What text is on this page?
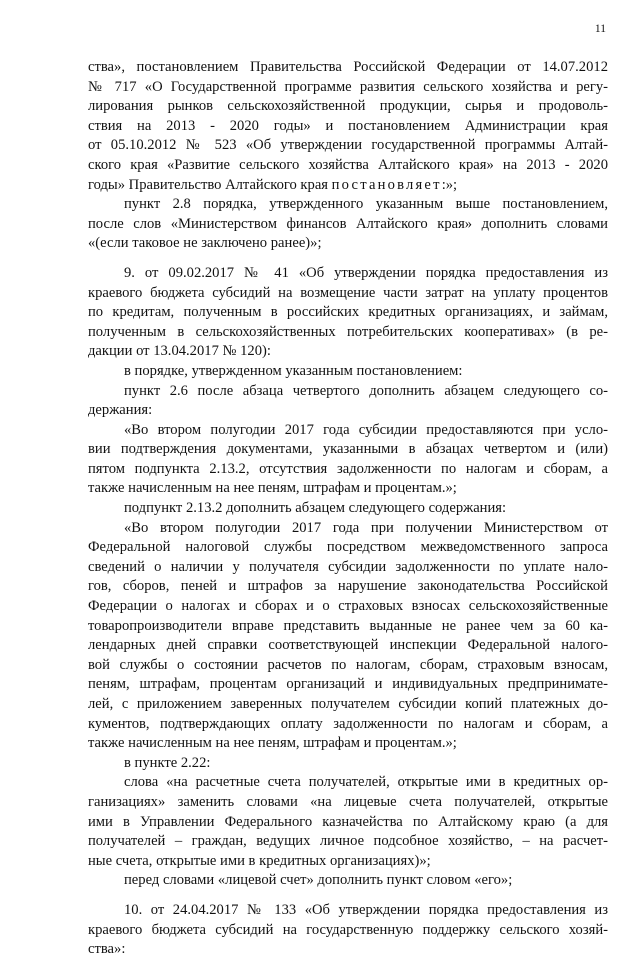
11
ства», постановлением Правительства Российской Федерации от 14.07.2012
№ 717 «О Государственной программе развития сельского хозяйства и регу-
лирования рынков сельскохозяйственной продукции, сырья и продоволь-
ствия на 2013 - 2020 годы» и постановлением Администрации края
от 05.10.2012 № 523 «Об утверждении государственной программы Алтай-
ского края «Развитие сельского хозяйства Алтайского края» на 2013 - 2020
годы» Правительство Алтайского края постановляет:»;
пункт 2.8 порядка, утвержденного указанным выше постановлением,
после слов «Министерством финансов Алтайского края» дополнить словами
«(если таковое не заключено ранее)»;
9. от 09.02.2017 № 41 «Об утверждении порядка предоставления из
краевого бюджета субсидий на возмещение части затрат на уплату процентов
по кредитам, полученным в российских кредитных организациях, и займам,
полученным в сельскохозяйственных потребительских кооперативах» (в ре-
дакции от 13.04.2017 № 120):
в порядке, утвержденном указанным постановлением:
пункт 2.6 после абзаца четвертого дополнить абзацем следующего со-
держания:
«Во втором полугодии 2017 года субсидии предоставляются при усло-
вии подтверждения документами, указанными в абзацах четвертом и (или)
пятом подпункта 2.13.2, отсутствия задолженности по налогам и сборам, а
также начисленным на нее пеням, штрафам и процентам.»;
подпункт 2.13.2 дополнить абзацем следующего содержания:
«Во втором полугодии 2017 года при получении Министерством от
Федеральной налоговой службы посредством межведомственного запроса
сведений о наличии у получателя субсидии задолженности по уплате нало-
гов, сборов, пеней и штрафов за нарушение законодательства Российской
Федерации о налогах и сборах и о страховых взносах сельскохозяйственные
товаропроизводители вправе представить выданные не ранее чем за 60 ка-
лендарных дней справки соответствующей инспекции Федеральной налого-
вой службы о состоянии расчетов по налогам, сборам, страховым взносам,
пеням, штрафам, процентам организаций и индивидуальных предпринимате-
лей, с приложением заверенных получателем субсидии копий платежных до-
кументов, подтверждающих оплату задолженности по налогам и сборам, а
также начисленным на нее пеням, штрафам и процентам.»;
в пункте 2.22:
слова «на расчетные счета получателей, открытые ими в кредитных ор-
ганизациях» заменить словами «на лицевые счета получателей, открытые
ими в Управлении Федерального казначейства по Алтайскому краю (а для
получателей – граждан, ведущих личное подсобное хозяйство, – на расчет-
ные счета, открытые ими в кредитных организациях)»;
перед словами «лицевой счет» дополнить пункт словом «его»;
10. от 24.04.2017 № 133 «Об утверждении порядка предоставления из
краевого бюджета субсидий на государственную поддержку сельского хозяй-
ства»:
